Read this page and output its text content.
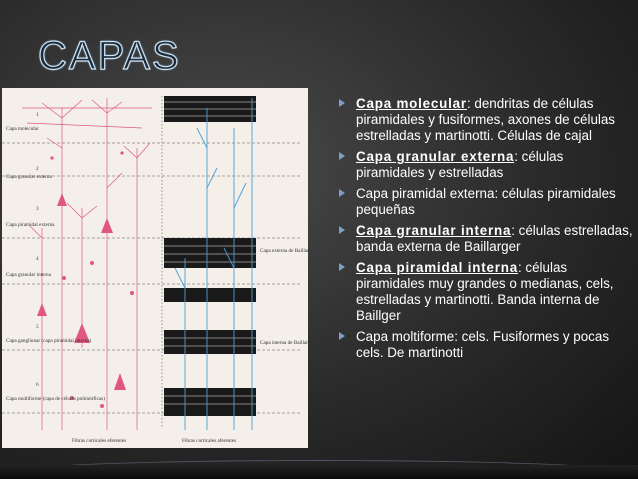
CAPAS
1
2
3
4
5
6
Capa molecular
Capa granular externa
Capa piramidal externa
Capa granular interna
Capa ganglionar (capa piramidal interna)
Capa multiforme (capa de células polimórficas)
Capa externa de Baillarger
Capa interna de Baillarger
Fibras corticales eferentes	Fibras corticales aferentes
Capa molecular: dendritas de células piramidales y fusiformes, axones de células estrelladas y martinotti. Células de cajal
Capa granular externa: células piramidales y estrelladas
Capa piramidal externa: células piramidales pequeñas
Capa granular interna: células estrelladas, banda externa de Baillarger
Capa piramidal interna: células piramidales muy grandes o medianas, cels, estrelladas y martinotti. Banda interna de Baillger
Capa moltiforme: cels. Fusiformes y pocas cels. De martinotti
